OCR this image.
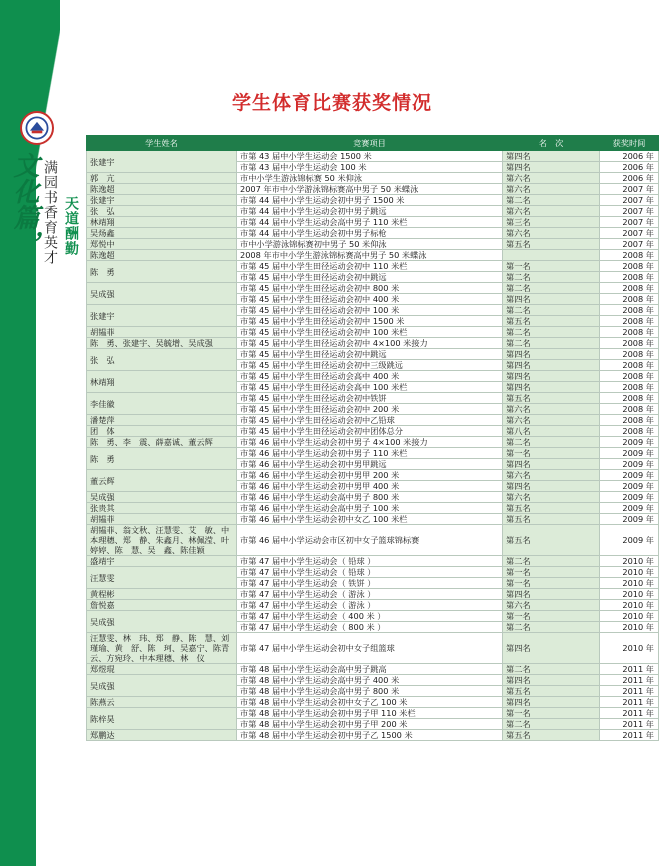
文化篇， 满园书香育英才 天道酬勤
学生体育比赛获奖情况
学生姓名	竞赛项目	名　次	获奖时间
张建宇	市第 43 届中小学生运动会 1500 米	第四名	2006 年
	市第 43 届中小学生运动会 100 米	第四名	2006 年
郭　亢	市中小学生游泳锦标赛 50 米仰泳	第六名	2006 年
陈逸超	2007 年市中小学游泳锦标赛高中男子 50 米蝶泳	第六名	2007 年
张建宇	市第 44 届中小学生运动会初中男子 1500 米	第二名	2007 年
张　弘	市第 44 届中小学生运动会初中男子跳远	第六名	2007 年
林靖翔	市第 44 届中小学生运动会高中男子 110 米栏	第三名	2007 年
吴炀鑫	市第 44 届中小学生运动会初中男子标枪	第六名	2007 年
郑悦中	市中小学游泳锦标赛初中男子 50 米仰泳	第五名	2007 年
陈逸超	2008 年市中小学生游泳锦标赛高中男子 50 米蝶泳		2008 年
陈　勇	市第 45 届中小学生田径运动会初中 110 米栏	第一名	2008 年
	市第 45 届中小学生田径运动会初中跳远	第二名	2008 年
吴成强	市第 45 届中小学生田径运动会初中 800 米	第二名	2008 年
	市第 45 届中小学生田径运动会初中 400 米	第四名	2008 年
张建宇	市第 45 届中小学生田径运动会初中 100 米	第二名	2008 年
	市第 45 届中小学生田径运动会初中 1500 米	第五名	2008 年
胡韫菲	市第 45 届中小学生田径运动会初中 100 米栏	第二名	2008 年
陈　勇、张建宇、吴毓增、吴成强	市第 45 届中小学生田径运动会初中 4×100 米接力	第二名	2008 年
张　弘	市第 45 届中小学生田径运动会初中跳远	第四名	2008 年
	市第 45 届中小学生田径运动会初中三级跳远	第四名	2008 年
林靖翔	市第 45 届中小学生田径运动会高中 400 米	第四名	2008 年
	市第 45 届中小学生田径运动会高中 100 米栏	第四名	2008 年
李佳徽	市第 45 届中小学生田径运动会初中铁饼	第五名	2008 年
	市第 45 届中小学生田径运动会初中 200 米	第六名	2008 年
潘楚萍	市第 45 届中小学生田径运动会初中乙铅球	第六名	2008 年
团　体	市第 45 届中小学生田径运动会初中团体总分	第八名	2008 年
陈　勇、李　震、薛嘉诚、董云辉	市第 46 届中小学生运动会初中男子 4×100 米接力	第二名	2009 年
陈　勇	市第 46 届中小学生运动会初中男子 110 米栏	第一名	2009 年
	市第 46 届中小学生运动会初中男甲跳远	第四名	2009 年
董云辉	市第 46 届中小学生运动会初中男甲 200 米	第六名	2009 年
	市第 46 届中小学生运动会初中男甲 400 米	第四名	2009 年
吴成强	市第 46 届中小学生运动会高中男子 800 米	第六名	2009 年
张贵其	市第 46 届中小学生运动会高中男子 100 米	第五名	2009 年
胡韫菲	市第 46 届中小学生运动会初中女乙 100 米栏	第五名	2009 年
胡韫菲、翁文秋、汪慧雯、艾　敏、中本理穗、郑　静、朱鑫月、林佩滢、叶婷婷、陈　慧、吴　鑫、陈佳颖	市第 46 届中小学运动会市区初中女子篮球锦标赛	第五名	2009 年
盛靖宇	市第 47 届中小学生运动会（ 铅球 ）	第二名	2010 年
汪慧雯	市第 47 届中小学生运动会（ 铅球 ）	第一名	2010 年
	市第 47 届中小学生运动会（ 铁饼 ）	第一名	2010 年
黄程彬	市第 47 届中小学生运动会（ 游泳 ）	第四名	2010 年
詹悦嘉	市第 47 届中小学生运动会（ 游泳 ）	第六名	2010 年
吴成强	市第 47 届中小学生运动会（ 400 米 ）	第一名	2010 年
	市第 47 届中小学生运动会（ 800 米 ）	第二名	2010 年
汪慧雯、林　玮、郑　静、陈　慧、刘瑾瑜、黄　舒、陈　珂、吴嘉宁、陈青云、方宛玲、中本理穗、林　仪	市第 47 届中小学生运动会初中女子组篮球	第四名	2010 年
郑煜琨	市第 48 届中小学生运动会高中男子跳高	第二名	2011 年
吴成强	市第 48 届中小学生运动会高中男子 400 米	第四名	2011 年
	市第 48 届中小学生运动会高中男子 800 米	第五名	2011 年
陈燕云	市第 48 届中小学生运动会初中女子乙 100 米	第四名	2011 年
陈梓昊	市第 48 届中小学生运动会初中男子甲 110 米栏	第一名	2011 年
	市第 48 届中小学生运动会初中男子甲 200 米	第二名	2011 年
郑鹏达	市第 48 届中小学生运动会初中男子乙 1500 米	第五名	2011 年
